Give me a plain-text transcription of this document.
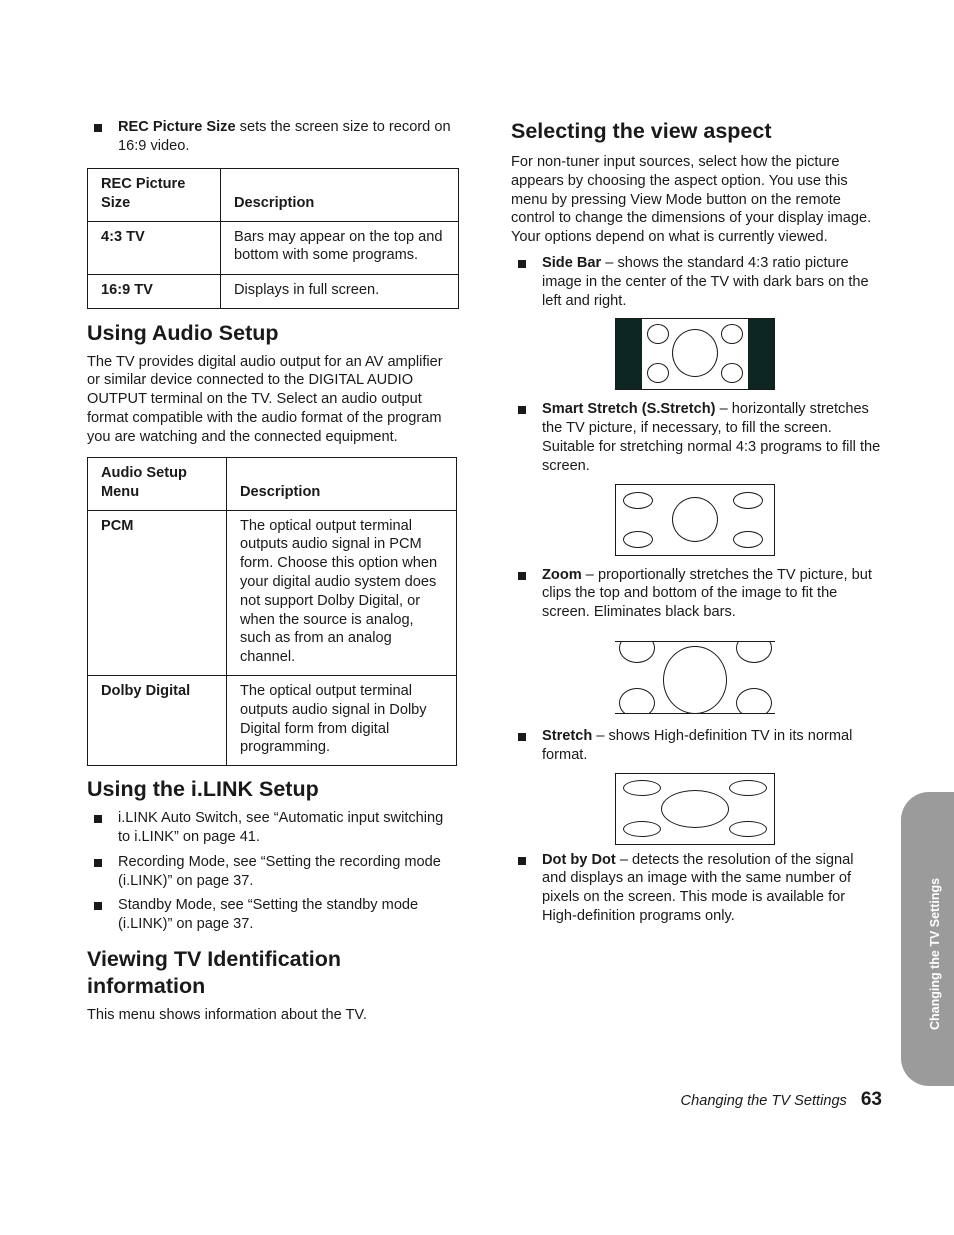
REC Picture Size sets the screen size to record on 16:9 video.
REC Picture Size	Description
4:3 TV	Bars may appear on the top and bottom with some programs.
16:9 TV	Displays in full screen.
Using Audio Setup

The TV provides digital audio output for an AV amplifier or similar device connected to the DIGITAL AUDIO OUTPUT terminal on the TV. Select an audio output format compatible with the audio format of the program you are watching and the connected equipment.

Audio Setup Menu	Description
PCM	The optical output terminal outputs audio signal in PCM form. Choose this option when your digital audio system does not support Dolby Digital, or when the source is analog, such as from an analog channel.
Dolby Digital	The optical output terminal outputs audio signal in Dolby Digital form from digital programming.
Using the i.LINK Setup
i.LINK Auto Switch, see “Automatic input switching to i.LINK” on page 41.
Recording Mode, see “Setting the recording mode (i.LINK)” on page 37.
Standby Mode, see “Setting the standby mode (i.LINK)” on page 37.
Viewing TV Identification information

This menu shows information about the TV.

Selecting the view aspect

For non-tuner input sources, select how the picture appears by choosing the aspect option. You use this menu by pressing View Mode button on the remote control to change the dimensions of your display image. Your options depend on what is currently viewed.

Side Bar – shows the standard 4:3 ratio picture image in the center of the TV with dark bars on the left and right.
Smart Stretch (S.Stretch) – horizontally stretches the TV picture, if necessary, to fill the screen. Suitable for stretching normal 4:3 programs to fill the screen.
Zoom – proportionally stretches the TV picture, but clips the top and bottom of the image to fit the screen. Eliminates black bars.
Stretch – shows High-definition TV in its normal format.
Dot by Dot – detects the resolution of the signal and displays an image with the same number of pixels on the screen. This mode is available for High-definition programs only.	Changing the TV Settings
Changing the TV Settings 63
